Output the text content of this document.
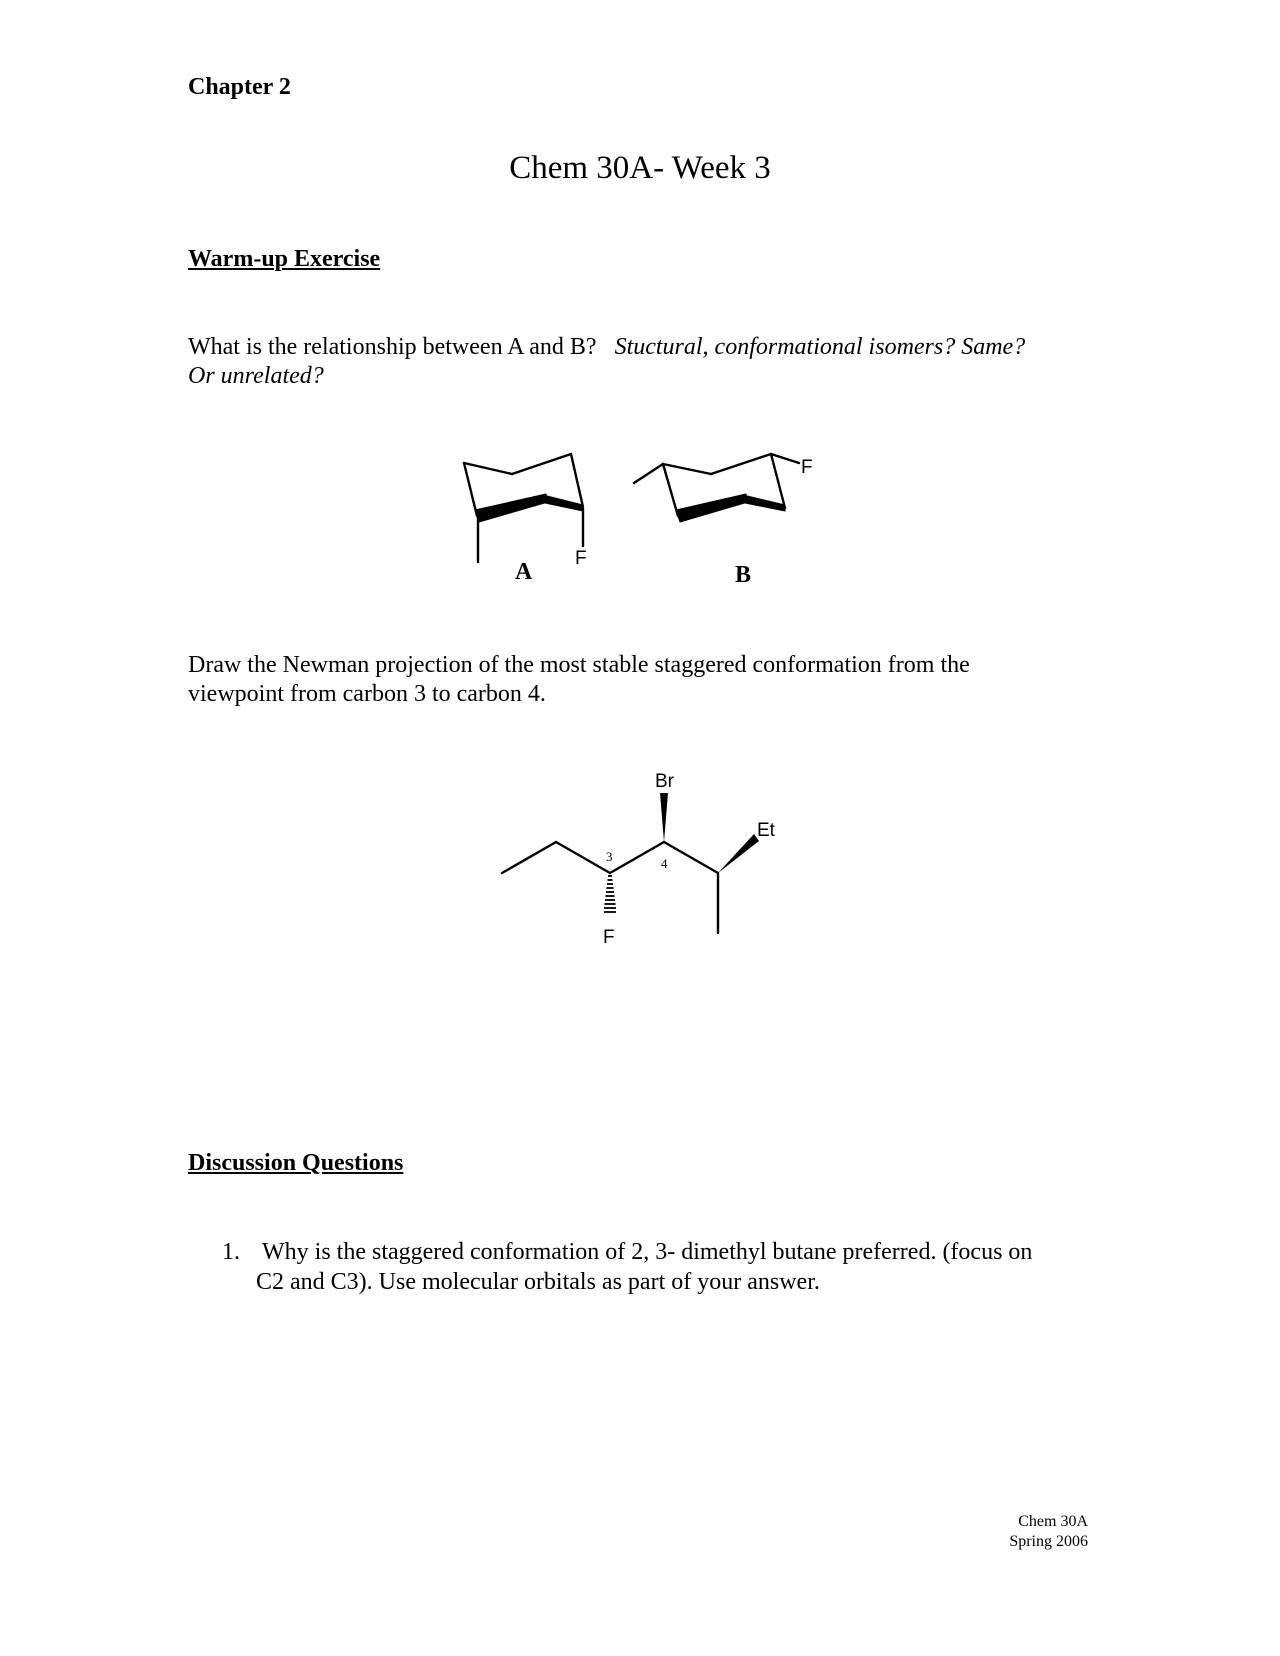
Chapter 2
Chem 30A- Week 3
Warm-up Exercise
What is the relationship between A and B? Stuctural, conformational isomers? Same?
Or unrelated?
F
A
F
B
Br
Et
F
3	4
Draw the Newman projection of the most stable staggered conformation from the
viewpoint from carbon 3 to carbon 4.
Discussion Questions
1. Why is the staggered conformation of 2, 3- dimethyl butane preferred. (focus on
C2 and C3). Use molecular orbitals as part of your answer.
Chem 30A
Spring 2006
